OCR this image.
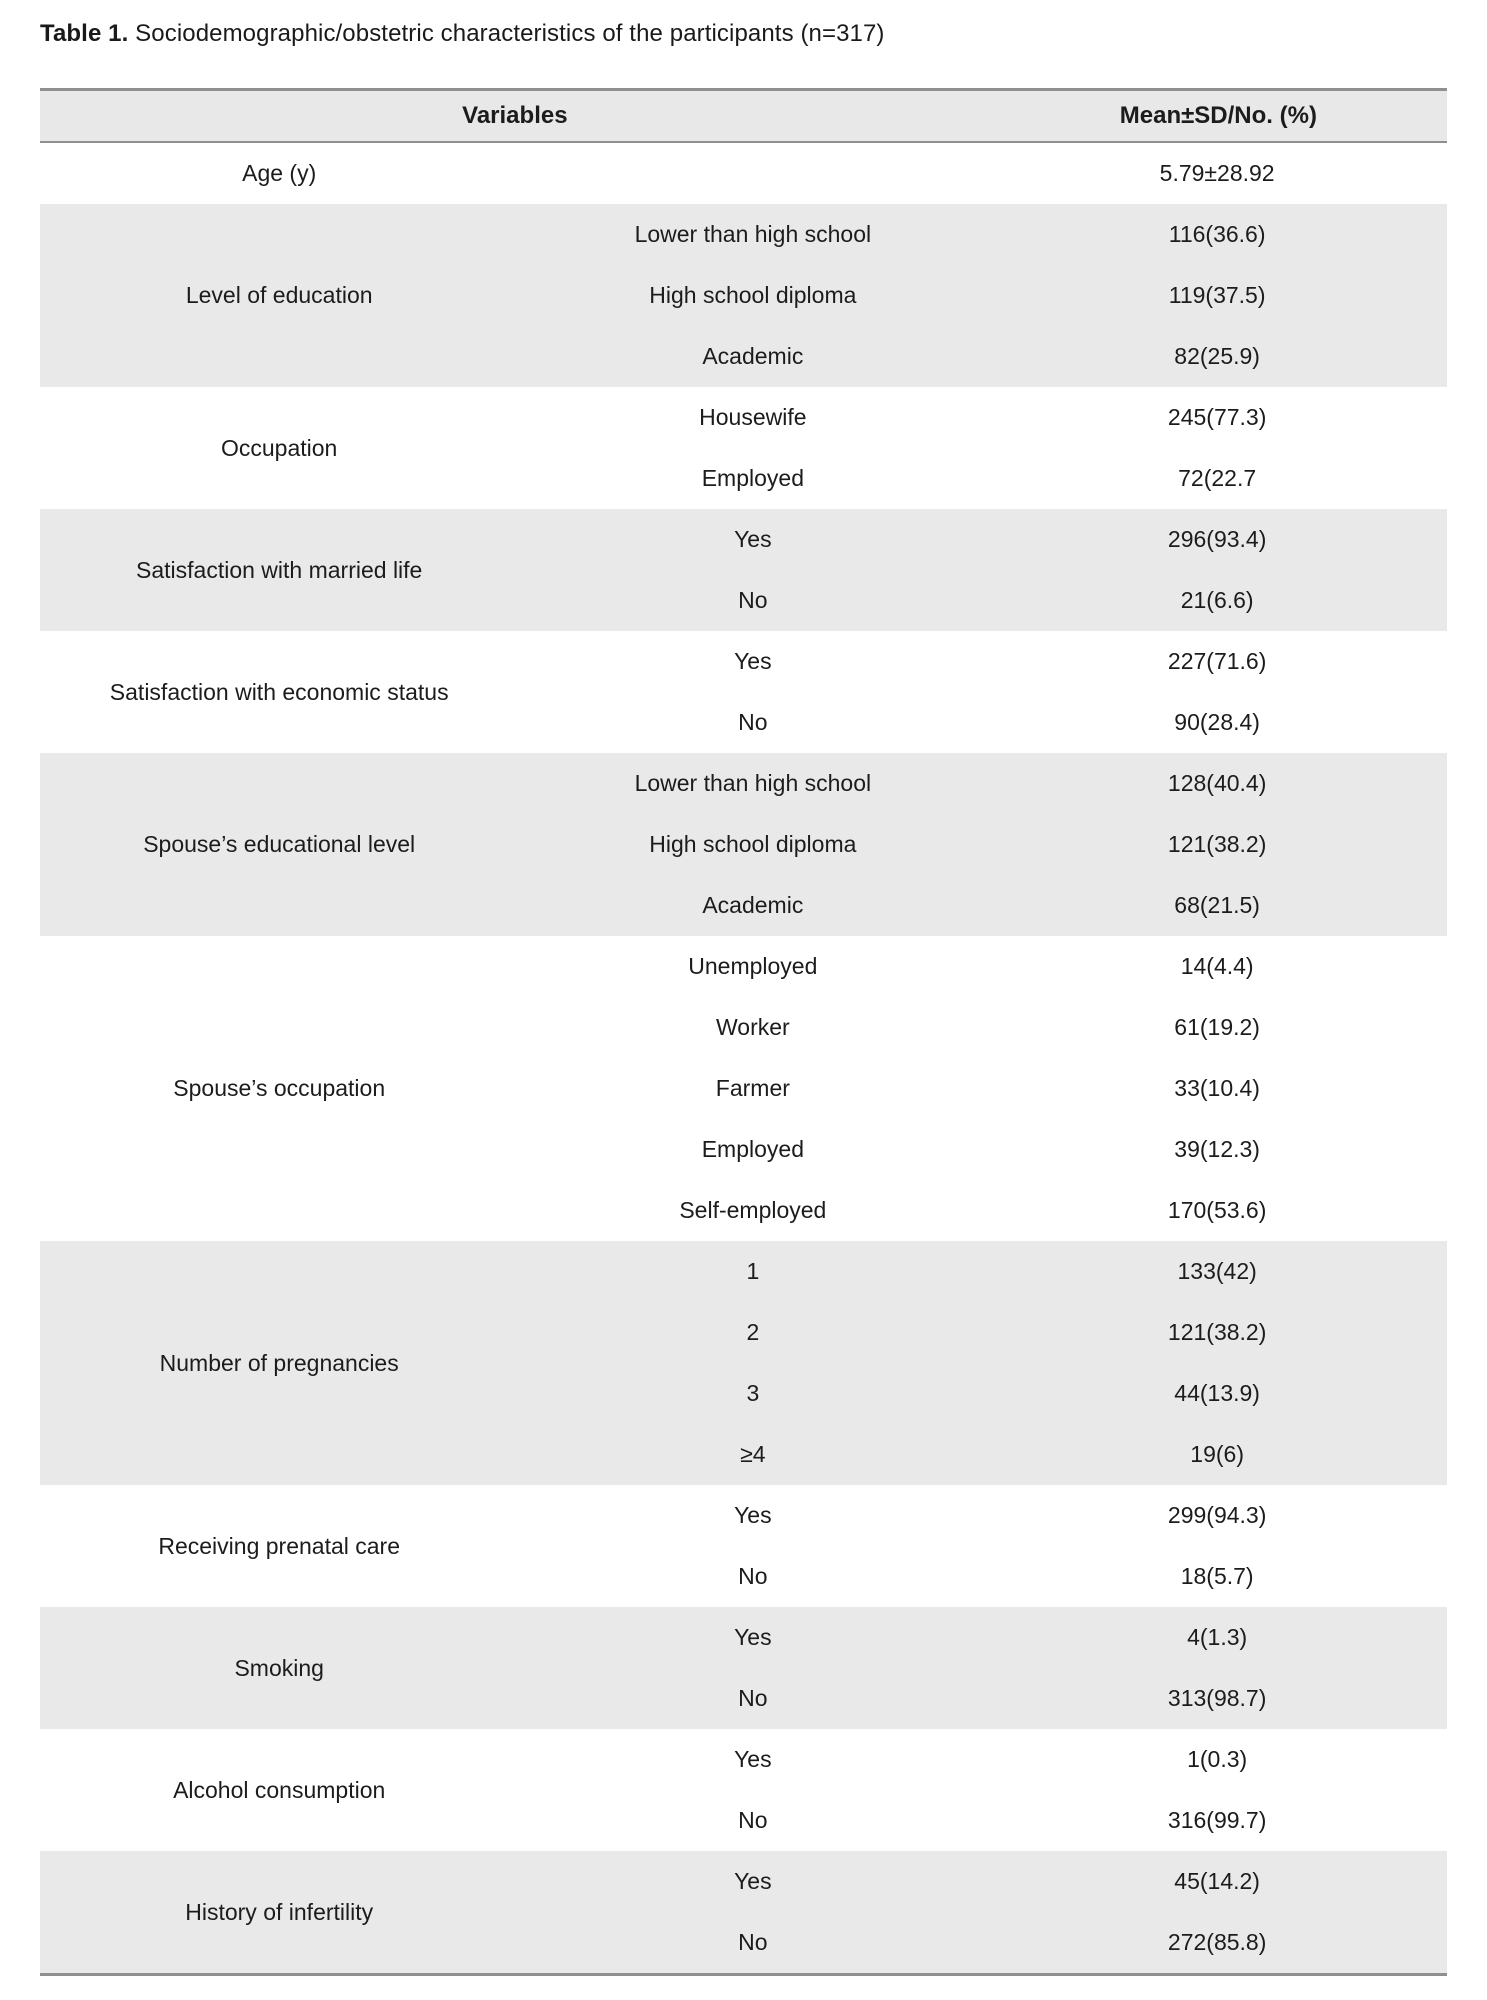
Table 1. Sociodemographic/obstetric characteristics of the participants (n=317)
Variables	Mean±SD/No. (%)
Age (y)	5.79±28.92
Level of education
Lower than high school	116(36.6)
High school diploma	119(37.5)
Academic	82(25.9)
Occupation
Housewife	245(77.3)
Employed	72(22.7
Satisfaction with married life
Yes	296(93.4)
No	21(6.6)
Satisfaction with economic status
Yes	227(71.6)
No	90(28.4)
Spouse’s educational level
Lower than high school	128(40.4)
High school diploma	121(38.2)
Academic	68(21.5)
Spouse’s occupation
Unemployed	14(4.4)
Worker	61(19.2)
Farmer	33(10.4)
Employed	39(12.3)
Self-employed	170(53.6)
Number of pregnancies
1	133(42)
2	121(38.2)
3	44(13.9)
≥4	19(6)
Receiving prenatal care
Yes	299(94.3)
No	18(5.7)
Smoking
Yes	4(1.3)
No	313(98.7)
Alcohol consumption
Yes	1(0.3)
No	316(99.7)
History of infertility
Yes	45(14.2)
No	272(85.8)
